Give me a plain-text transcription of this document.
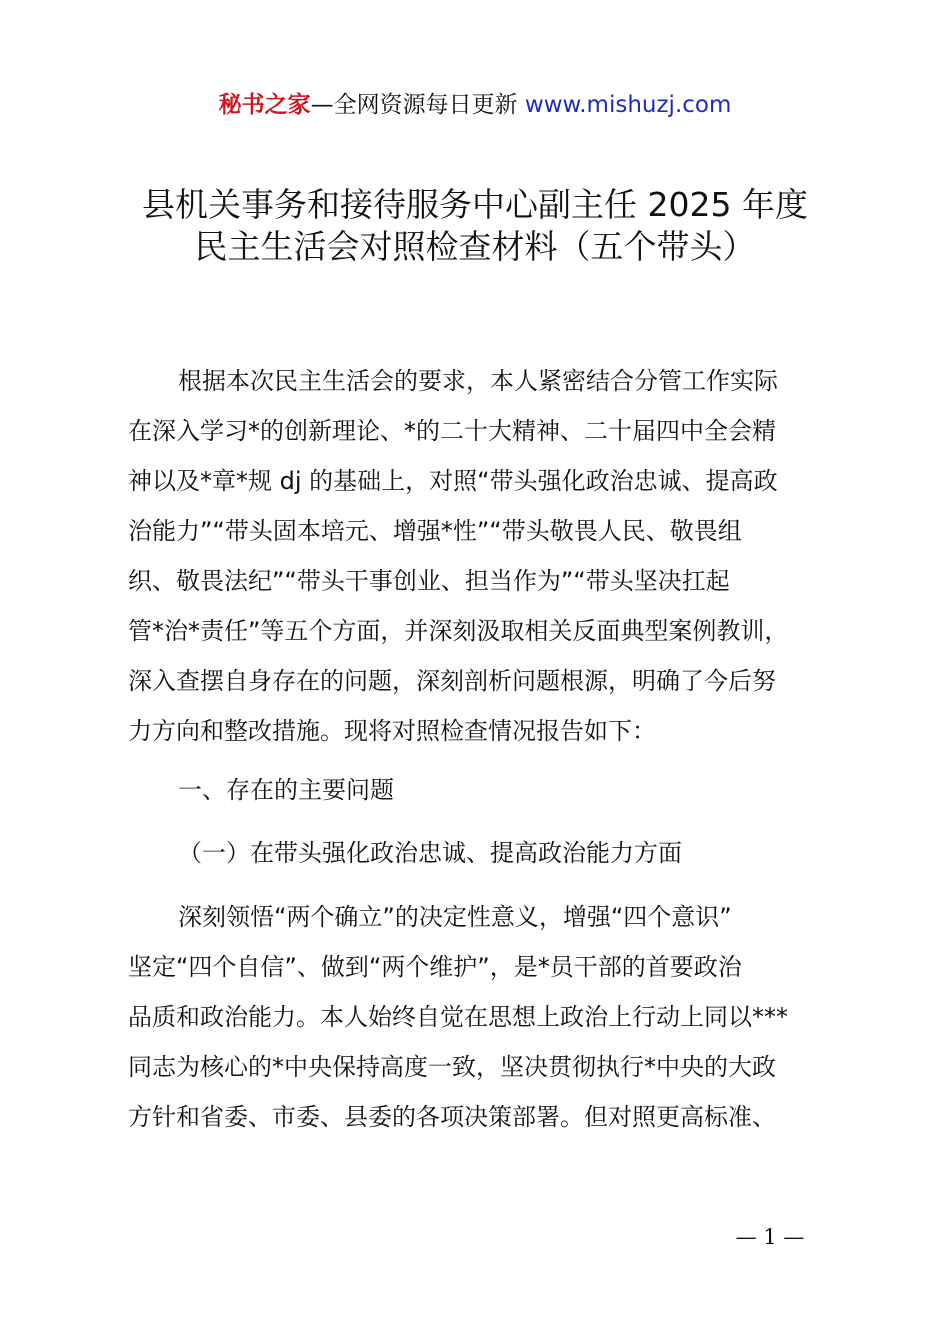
秘书之家—全网资源每日更新 www.mishuzj.com
县机关事务和接待服务中心副主任 2025 年度
民主生活会对照检查材料（五个带头）
根据本次民主生活会的要求，本人紧密结合分管工作实际
在深入学习*的创新理论、*的二十大精神、二十届四中全会精
神以及*章*规 dj 的基础上，对照“带头强化政治忠诚、提高政
治能力”“带头固本培元、增强*性”“带头敬畏人民、敬畏组
织、敬畏法纪”“带头干事创业、担当作为”“带头坚决扛起
管*治*责任”等五个方面，并深刻汲取相关反面典型案例教训，
深入查摆自身存在的问题，深刻剖析问题根源，明确了今后努
力方向和整改措施。现将对照检查情况报告如下：
一、存在的主要问题
（一）在带头强化政治忠诚、提高政治能力方面
深刻领悟“两个确立”的决定性意义，增强“四个意识”
坚定“四个自信”、做到“两个维护”，是*员干部的首要政治
品质和政治能力。本人始终自觉在思想上政治上行动上同以***
同志为核心的*中央保持高度一致，坚决贯彻执行*中央的大政
方针和省委、市委、县委的各项决策部署。但对照更高标准、
— 1 —
